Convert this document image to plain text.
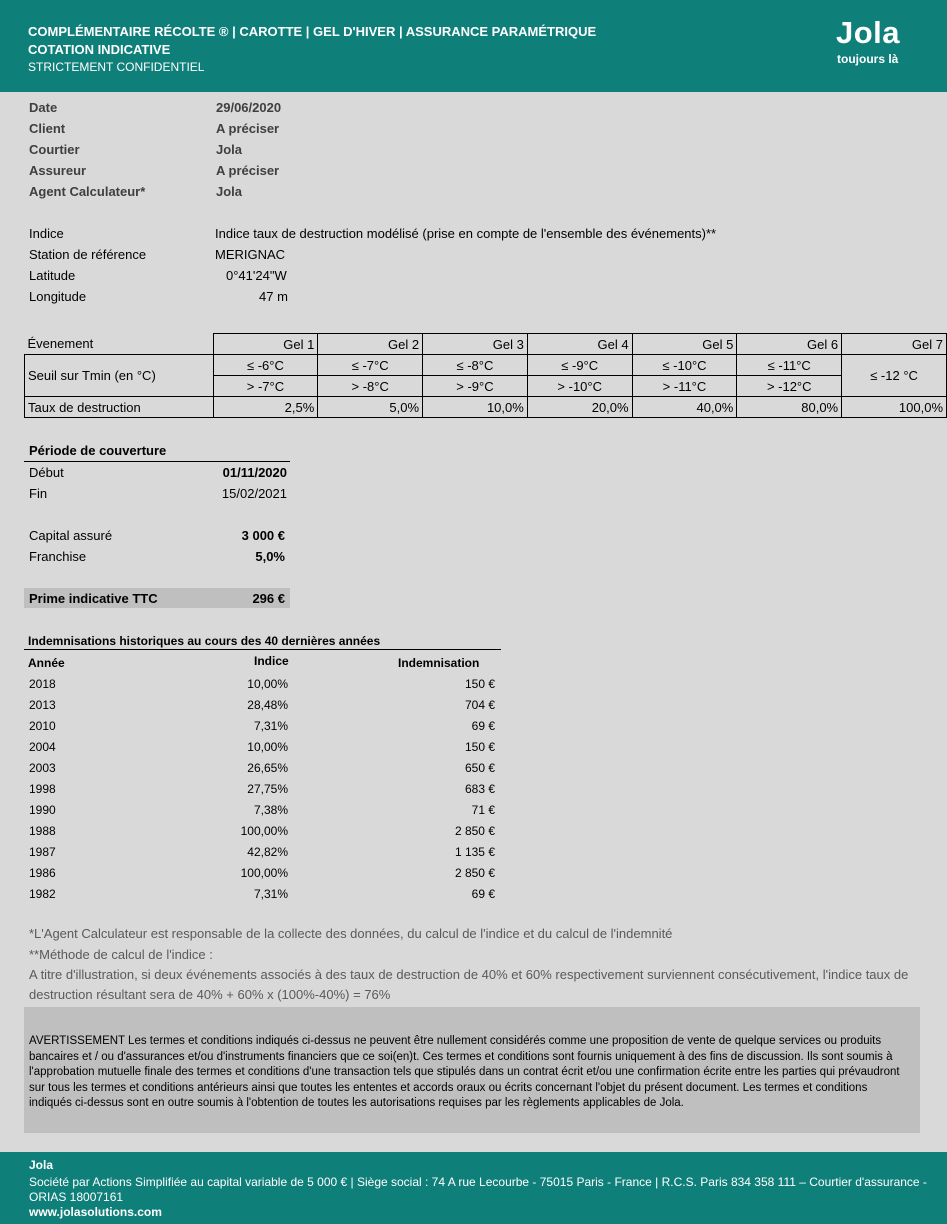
COMPLÉMENTAIRE RÉCOLTE ® | CAROTTE | GEL D'HIVER | ASSURANCE PARAMÉTRIQUE
COTATION INDICATIVE
STRICTEMENT CONFIDENTIEL
Jola
toujours là
Date	29/06/2020
Client	A préciser
Courtier	Jola
Assureur	A préciser
Agent Calculateur*	Jola
Indice	Indice taux de destruction modélisé (prise en compte de l'ensemble des événements)**
Station de référence	MERIGNAC
Latitude	0°41'24"W
Longitude	47 m
Évenement	Gel 1	Gel 2	Gel 3	Gel 4	Gel 5	Gel 6	Gel 7
Seuil sur Tmin (en °C)	≤ -6°C	≤ -7°C	≤ -8°C	≤ -9°C	≤ -10°C	≤ -11°C	≤ -12 °C
	> -7°C	> -8°C	> -9°C	> -10°C	> -11°C	> -12°C	
Taux de destruction	2,5%	5,0%	10,0%	20,0%	40,0%	80,0%	100,0%
Période de couverture
Début	01/11/2020
Fin	15/02/2021
Capital assuré	3 000 €
Franchise	5,0%
Prime indicative TTC	296 €
Indemnisations historiques au cours des 40 dernières années
Année	Indice	Indemnisation
2018	10,00%	150 €
2013	28,48%	704 €
2010	7,31%	69 €
2004	10,00%	150 €
2003	26,65%	650 €
1998	27,75%	683 €
1990	7,38%	71 €
1988	100,00%	2 850 €
1987	42,82%	1 135 €
1986	100,00%	2 850 €
1982	7,31%	69 €
*L'Agent Calculateur est responsable de la collecte des données, du calcul de l'indice et du calcul de l'indemnité
**Méthode de calcul de l'indice :
A titre d'illustration, si deux événements associés à des taux de destruction de 40% et 60% respectivement surviennent consécutivement, l'indice taux de
destruction résultant sera de 40% + 60% x (100%-40%) = 76%
AVERTISSEMENT Les termes et conditions indiqués ci-dessus ne peuvent être nullement considérés comme une proposition de vente de quelque services ou produits bancaires et / ou d'assurances et/ou d'instruments financiers que ce soi(en)t. Ces termes et conditions sont fournis uniquement à des fins de discussion. Ils sont soumis à l'approbation mutuelle finale des termes et conditions d'une transaction tels que stipulés dans un contrat écrit et/ou une confirmation écrite entre les parties qui prévaudront sur tous les termes et conditions antérieurs ainsi que toutes les ententes et accords oraux ou écrits concernant l'objet du présent document. Les termes et conditions indiqués ci-dessus sont en outre soumis à l'obtention de toutes les autorisations requises par les règlements applicables de Jola.
Jola
Société par Actions Simplifiée au capital variable de 5 000 € | Siège social : 74 A rue Lecourbe - 75015 Paris - France | R.C.S. Paris 834 358 111 – Courtier d'assurance - ORIAS 18007161
www.jolasolutions.com
